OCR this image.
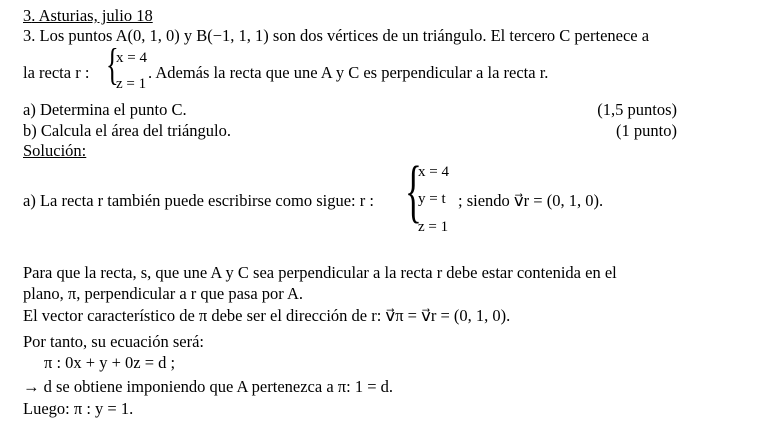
3. Asturias, julio 18
3. Los puntos A(0, 1, 0) y B(−1, 1, 1) son dos vértices de un triángulo. El tercero C pertenece a
la recta r : {
x = 4
z = 1
. Además la recta que une A y C es perpendicular a la recta r.
a) Determina el punto C.	(1,5 puntos)
b) Calcula el área del triángulo.	(1 punto)
Solución:
a) La recta r también puede escribirse como sigue: r : {
x = 4
y = t
z = 1
; siendo v⃗r = (0, 1, 0).
Para que la recta, s, que une A y C sea perpendicular a la recta r debe estar contenida en el
plano, π, perpendicular a r que pasa por A.
El vector característico de π debe ser el dirección de r: v⃗π = v⃗r = (0, 1, 0).
Por tanto, su ecuación será:
π : 0x + y + 0z = d ;
→ d se obtiene imponiendo que A pertenezca a π: 1 = d.
Luego: π : y = 1.
